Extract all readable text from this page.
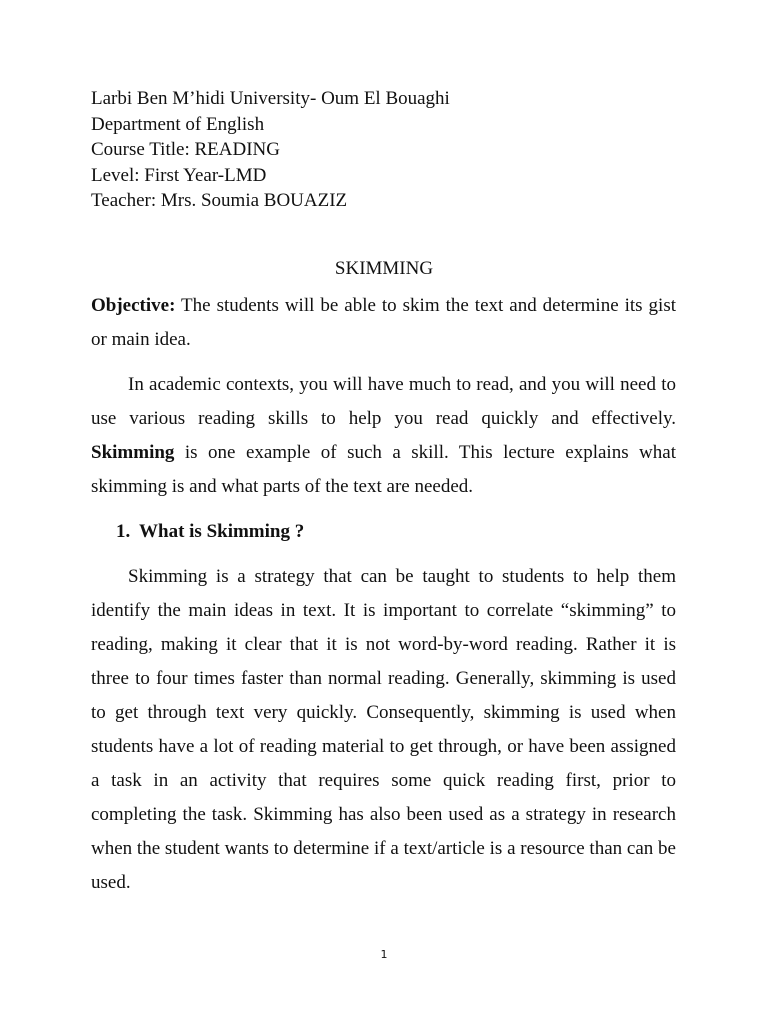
Larbi Ben M’hidi University- Oum El Bouaghi
Department of English
Course Title: READING
Level: First Year-LMD
Teacher: Mrs. Soumia BOUAZIZ
SKIMMING

Objective: The students will be able to skim the text and determine its gist or main idea.

In academic contexts, you will have much to read, and you will need to use various reading skills to help you read quickly and effectively. Skimming is one example of such a skill. This lecture explains what skimming is and what parts of the text are needed.

1. What is Skimming ?

Skimming is a strategy that can be taught to students to help them identify the main ideas in text. It is important to correlate “skimming” to reading, making it clear that it is not word-by-word reading. Rather it is three to four times faster than normal reading. Generally, skimming is used to get through text very quickly. Consequently, skimming is used when students have a lot of reading material to get through, or have been assigned a task in an activity that requires some quick reading first, prior to completing the task. Skimming has also been used as a strategy in research when the student wants to determine if a text/article is a resource than can be used.

1
